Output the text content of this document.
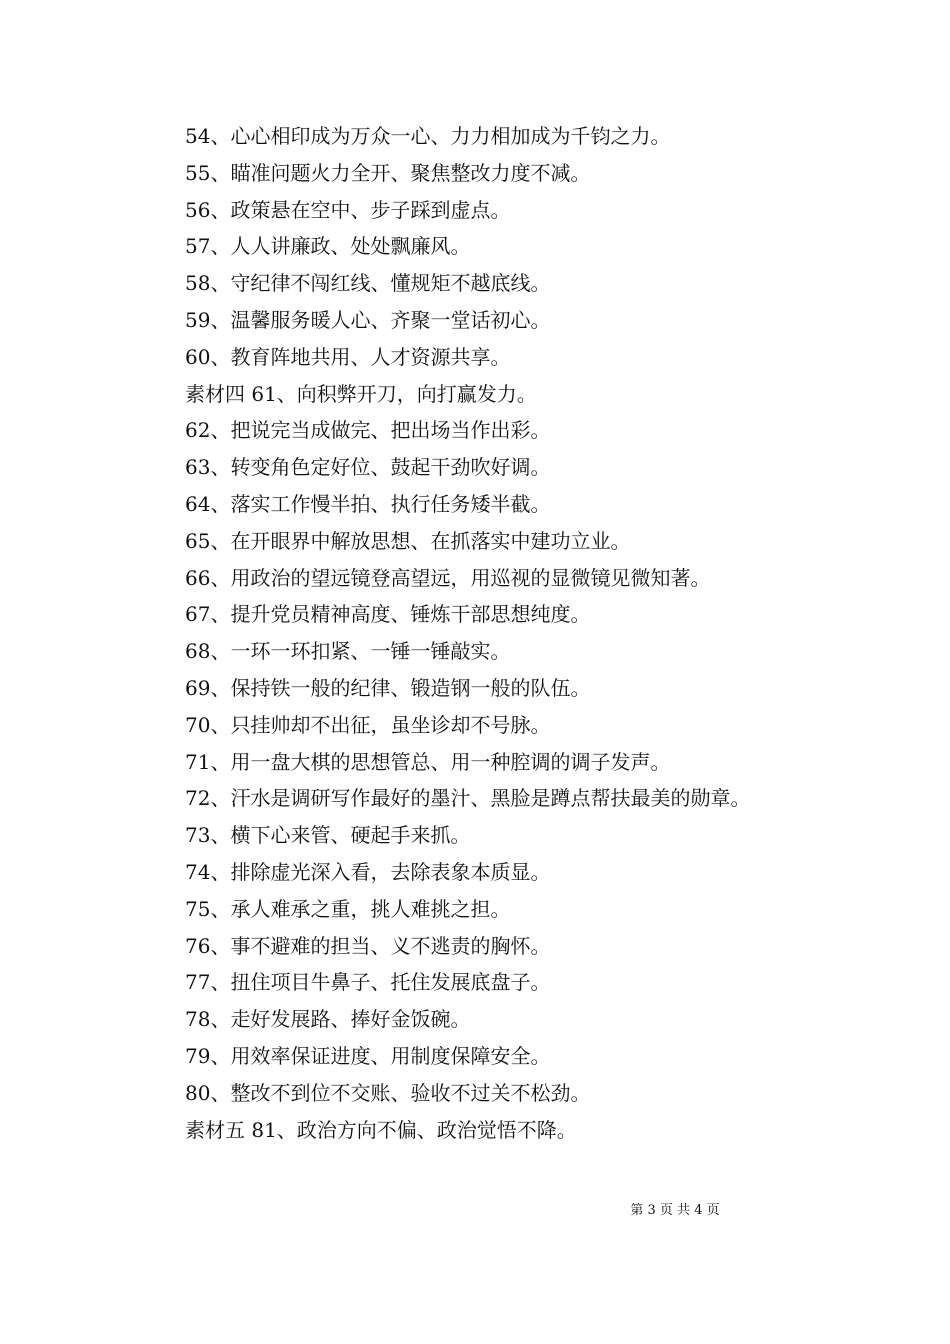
54、心心相印成为万众一心、力力相加成为千钧之力。

55、瞄准问题火力全开、聚焦整改力度不减。

56、政策悬在空中、步子踩到虚点。

57、人人讲廉政、处处飘廉风。

58、守纪律不闯红线、懂规矩不越底线。

59、温馨服务暖人心、齐聚一堂话初心。

60、教育阵地共用、人才资源共享。

素材四 61、向积弊开刀，向打赢发力。

62、把说完当成做完、把出场当作出彩。

63、转变角色定好位、鼓起干劲吹好调。

64、落实工作慢半拍、执行任务矮半截。

65、在开眼界中解放思想、在抓落实中建功立业。

66、用政治的望远镜登高望远，用巡视的显微镜见微知著。

67、提升党员精神高度、锤炼干部思想纯度。

68、一环一环扣紧、一锤一锤敲实。

69、保持铁一般的纪律、锻造钢一般的队伍。

70、只挂帅却不出征，虽坐诊却不号脉。

71、用一盘大棋的思想管总、用一种腔调的调子发声。

72、汗水是调研写作最好的墨汁、黑脸是蹲点帮扶最美的勋章。

73、横下心来管、硬起手来抓。

74、排除虚光深入看，去除表象本质显。

75、承人难承之重，挑人难挑之担。

76、事不避难的担当、义不逃责的胸怀。

77、扭住项目牛鼻子、托住发展底盘子。

78、走好发展路、捧好金饭碗。

79、用效率保证进度、用制度保障安全。

80、整改不到位不交账、验收不过关不松劲。

素材五 81、政治方向不偏、政治觉悟不降。

第 3 页 共 4 页
